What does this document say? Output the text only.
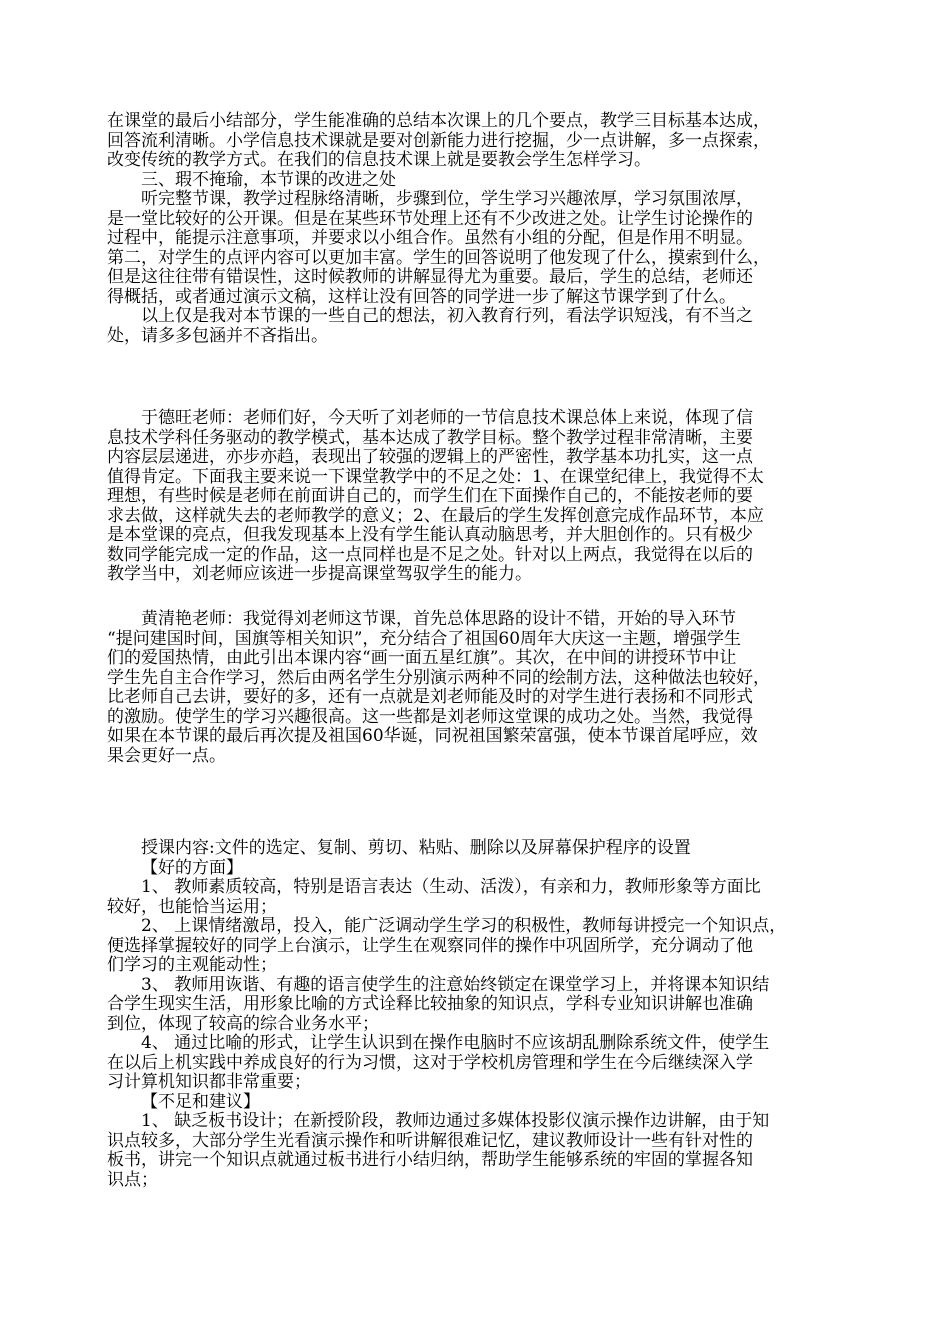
在课堂的最后小结部分，学生能准确的总结本次课上的几个要点，教学三目标基本达成，
回答流利清晰。小学信息技术课就是要对创新能力进行挖掘，少一点讲解，多一点探索，
改变传统的教学方式。在我们的信息技术课上就是要教会学生怎样学习。
三、瑕不掩瑜，本节课的改进之处
听完整节课，教学过程脉络清晰，步骤到位，学生学习兴趣浓厚，学习氛围浓厚，
是一堂比较好的公开课。但是在某些环节处理上还有不少改进之处。让学生讨论操作的
过程中，能提示注意事项，并要求以小组合作。虽然有小组的分配，但是作用不明显。
第二，对学生的点评内容可以更加丰富。学生的回答说明了他发现了什么，摸索到什么，
但是这往往带有错误性，这时候教师的讲解显得尤为重要。最后，学生的总结，老师还
得概括，或者通过演示文稿，这样让没有回答的同学进一步了解这节课学到了什么。
以上仅是我对本节课的一些自己的想法，初入教育行列，看法学识短浅，有不当之
处，请多多包涵并不吝指出。
于德旺老师：老师们好，今天听了刘老师的一节信息技术课总体上来说，体现了信
息技术学科任务驱动的教学模式，基本达成了教学目标。整个教学过程非常清晰，主要
内容层层递进，亦步亦趋，表现出了较强的逻辑上的严密性，教学基本功扎实，这一点
值得肯定。下面我主要来说一下课堂教学中的不足之处：1、在课堂纪律上，我觉得不太
理想，有些时候是老师在前面讲自己的，而学生们在下面操作自己的，不能按老师的要
求去做，这样就失去的老师教学的意义；2、在最后的学生发挥创意完成作品环节，本应
是本堂课的亮点，但我发现基本上没有学生能认真动脑思考，并大胆创作的。只有极少
数同学能完成一定的作品，这一点同样也是不足之处。针对以上两点，我觉得在以后的
教学当中，刘老师应该进一步提高课堂驾驭学生的能力。
黄清艳老师：我觉得刘老师这节课，首先总体思路的设计不错，开始的导入环节
“提问建国时间，国旗等相关知识”，充分结合了祖国60周年大庆这一主题，增强学生
们的爱国热情，由此引出本课内容“画一面五星红旗”。其次，在中间的讲授环节中让
学生先自主合作学习，然后由两名学生分别演示两种不同的绘制方法，这种做法也较好，
比老师自己去讲，要好的多，还有一点就是刘老师能及时的对学生进行表扬和不同形式
的激励。使学生的学习兴趣很高。这一些都是刘老师这堂课的成功之处。当然，我觉得
如果在本节课的最后再次提及祖国60华诞，同祝祖国繁荣富强，使本节课首尾呼应，效
果会更好一点。
授课内容:文件的选定、复制、剪切、粘贴、删除以及屏幕保护程序的设置
【好的方面】
1、 教师素质较高，特别是语言表达（生动、活泼），有亲和力，教师形象等方面比
较好，也能恰当运用；
2、 上课情绪激昂，投入，能广泛调动学生学习的积极性，教师每讲授完一个知识点，
便选择掌握较好的同学上台演示，让学生在观察同伴的操作中巩固所学，充分调动了他
们学习的主观能动性；
3、 教师用诙谐、有趣的语言使学生的注意始终锁定在课堂学习上，并将课本知识结
合学生现实生活，用形象比喻的方式诠释比较抽象的知识点，学科专业知识讲解也准确
到位，体现了较高的综合业务水平；
4、 通过比喻的形式，让学生认识到在操作电脑时不应该胡乱删除系统文件，使学生
在以后上机实践中养成良好的行为习惯，这对于学校机房管理和学生在今后继续深入学
习计算机知识都非常重要；
【不足和建议】
1、 缺乏板书设计；在新授阶段，教师边通过多媒体投影仪演示操作边讲解，由于知
识点较多，大部分学生光看演示操作和听讲解很难记忆，建议教师设计一些有针对性的
板书，讲完一个知识点就通过板书进行小结归纳，帮助学生能够系统的牢固的掌握各知
识点；
